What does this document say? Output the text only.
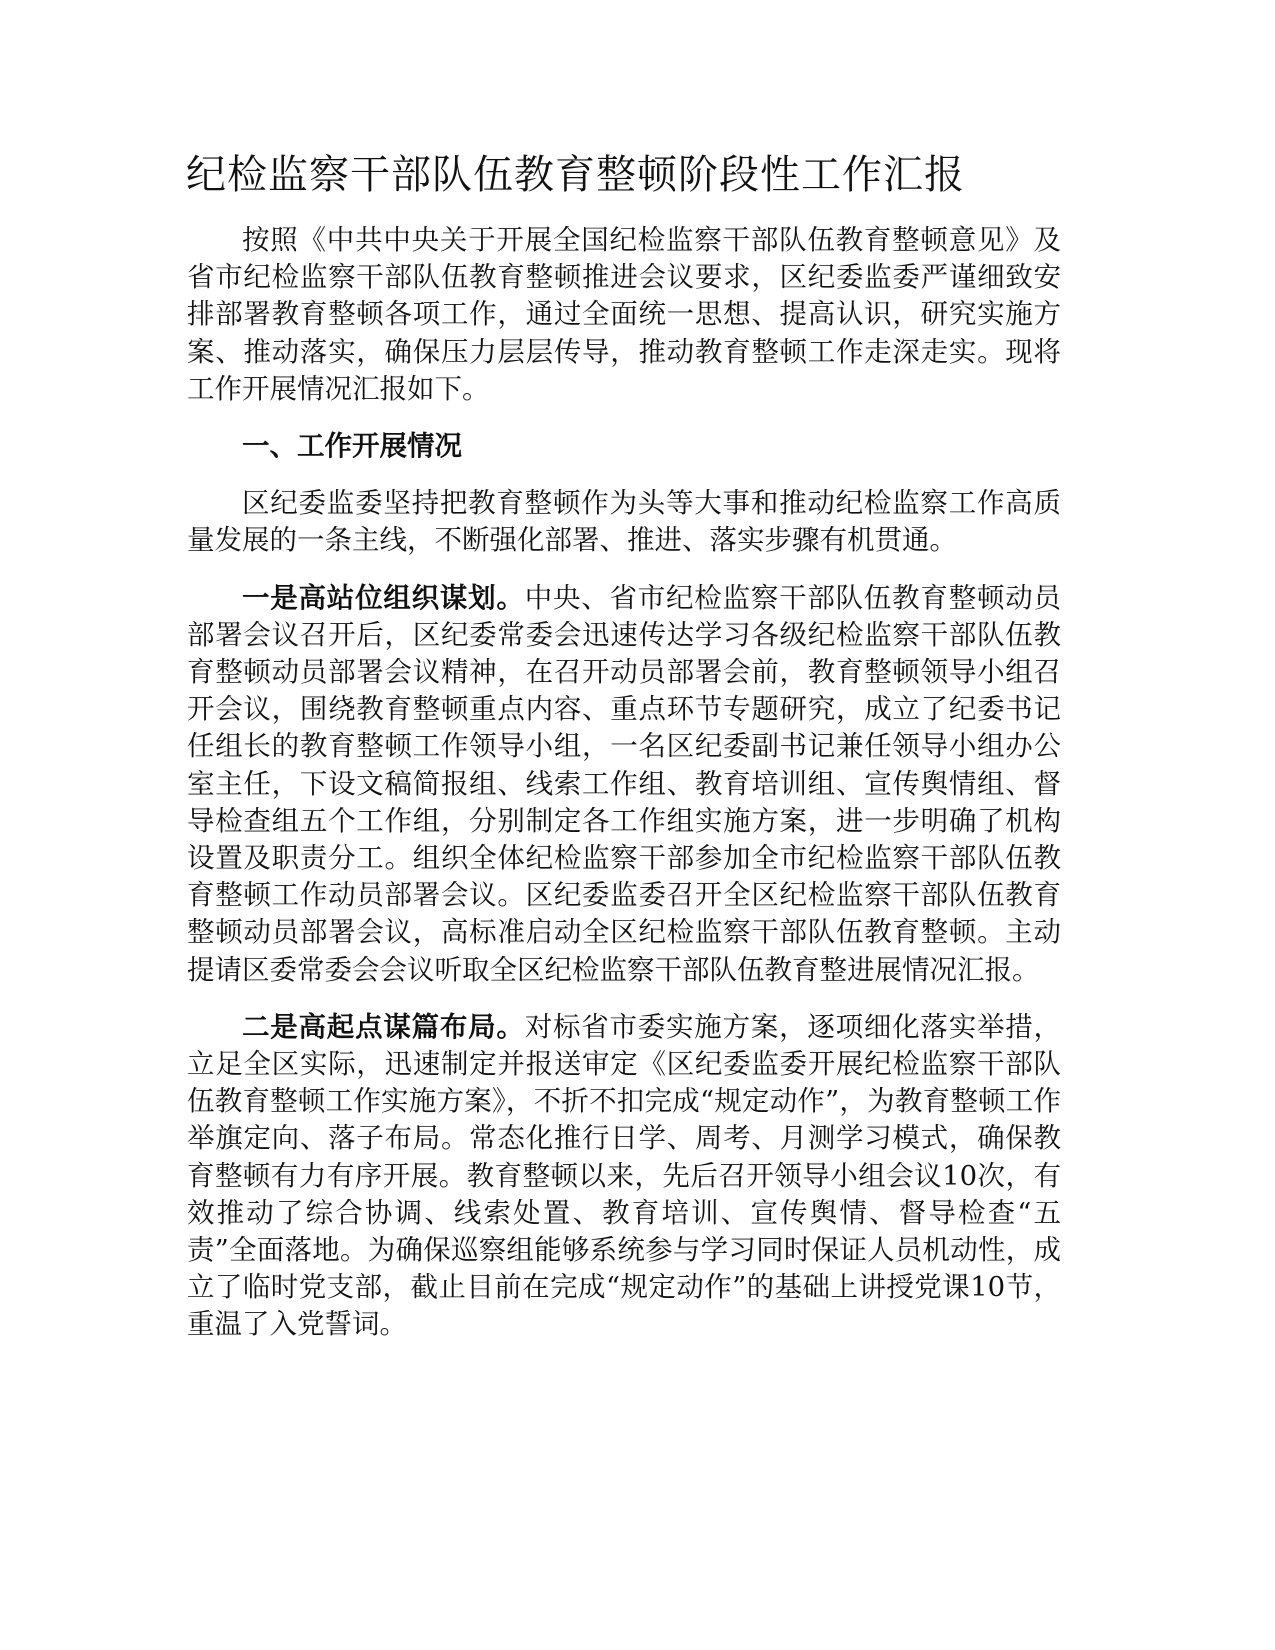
纪检监察干部队伍教育整顿阶段性工作汇报

按照《中共中央关于开展全国纪检监察干部队伍教育整顿意见》及省市纪检监察干部队伍教育整顿推进会议要求，区纪委监委严谨细致安排部署教育整顿各项工作，通过全面统一思想、提高认识，研究实施方案、推动落实，确保压力层层传导，推动教育整顿工作走深走实。现将工作开展情况汇报如下。

一、工作开展情况

区纪委监委坚持把教育整顿作为头等大事和推动纪检监察工作高质量发展的一条主线，不断强化部署、推进、落实步骤有机贯通。

一是高站位组织谋划。中央、省市纪检监察干部队伍教育整顿动员部署会议召开后，区纪委常委会迅速传达学习各级纪检监察干部队伍教育整顿动员部署会议精神，在召开动员部署会前，教育整顿领导小组召开会议，围绕教育整顿重点内容、重点环节专题研究，成立了纪委书记任组长的教育整顿工作领导小组，一名区纪委副书记兼任领导小组办公室主任，下设文稿简报组、线索工作组、教育培训组、宣传舆情组、督导检查组五个工作组，分别制定各工作组实施方案，进一步明确了机构设置及职责分工。组织全体纪检监察干部参加全市纪检监察干部队伍教育整顿工作动员部署会议。区纪委监委召开全区纪检监察干部队伍教育整顿动员部署会议，高标准启动全区纪检监察干部队伍教育整顿。主动提请区委常委会会议听取全区纪检监察干部队伍教育整进展情况汇报。

二是高起点谋篇布局。对标省市委实施方案，逐项细化落实举措，立足全区实际，迅速制定并报送审定《区纪委监委开展纪检监察干部队伍教育整顿工作实施方案》，不折不扣完成“规定动作”，为教育整顿工作举旗定向、落子布局。常态化推行日学、周考、月测学习模式，确保教育整顿有力有序开展。教育整顿以来，先后召开领导小组会议10次，有效推动了综合协调、线索处置、教育培训、宣传舆情、督导检查“五责”全面落地。为确保巡察组能够系统参与学习同时保证人员机动性，成立了临时党支部，截止目前在完成“规定动作”的基础上讲授党课10节，重温了入党誓词。
